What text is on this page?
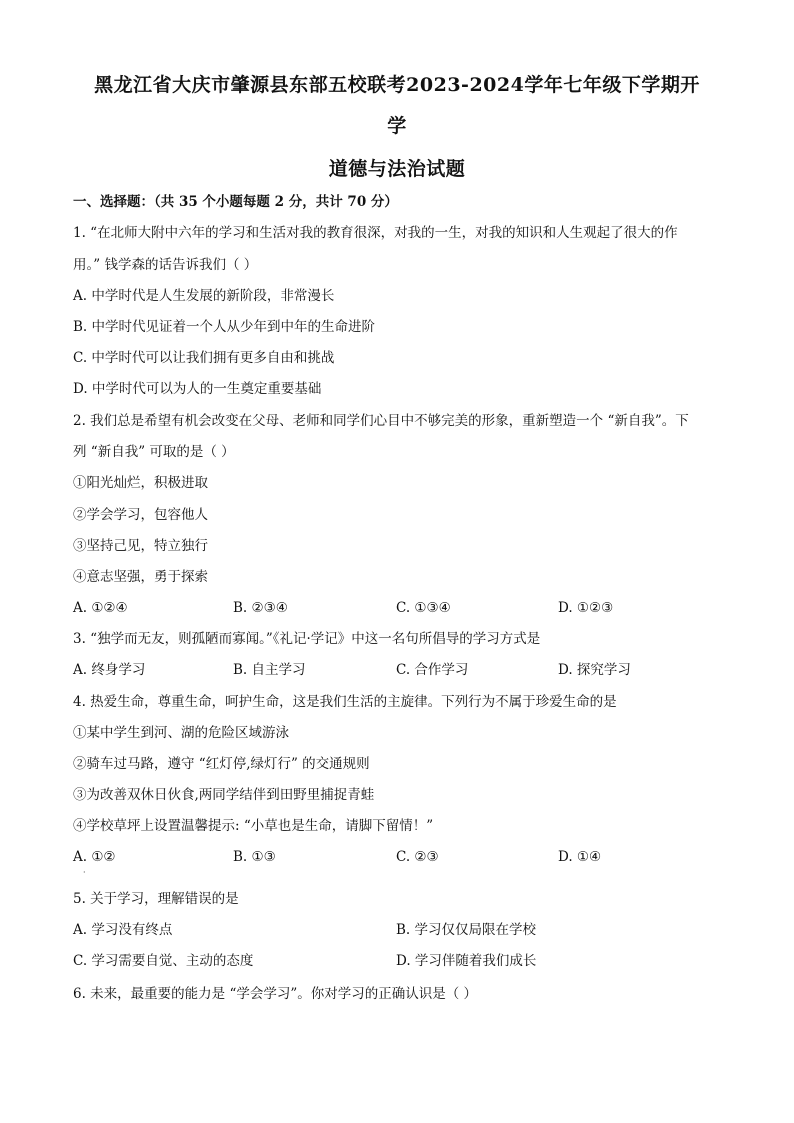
黑龙江省大庆市肇源县东部五校联考2023-2024学年七年级下学期开
学
道德与法治试题
一、选择题：（共 35 个小题每题 2 分，共计 70 分）
1. “在北师大附中六年的学习和生活对我的教育很深，对我的一生，对我的知识和人生观起了很大的作
用。” 钱学森的话告诉我们（ ）
A. 中学时代是人生发展的新阶段，非常漫长
B. 中学时代见证着一个人从少年到中年的生命进阶
C. 中学时代可以让我们拥有更多自由和挑战
D. 中学时代可以为人的一生奠定重要基础
2. 我们总是希望有机会改变在父母、老师和同学们心目中不够完美的形象，重新塑造一个 “新自我”。下
列 “新自我” 可取的是（ ）
①阳光灿烂，积极进取
②学会学习，包容他人
③坚持己见，特立独行
④意志坚强，勇于探索
A. ①②④	B. ②③④	C. ①③④	D. ①②③
3. “独学而无友，则孤陋而寡闻。”《礼记·学记》中这一名句所倡导的学习方式是
A. 终身学习	B. 自主学习	C. 合作学习	D. 探究学习
4. 热爱生命，尊重生命，呵护生命，这是我们生活的主旋律。下列行为不属于珍爱生命的是
①某中学生到河、湖的危险区域游泳
②骑车过马路，遵守 “红灯停,绿灯行” 的交通规则
③为改善双休日伙食,两同学结伴到田野里捕捉青蛙
④学校草坪上设置温馨提示: “小草也是生命，请脚下留情！”
A. ①②	B. ①③	C. ②③	D. ①④
·
5. 关于学习，理解错误的是
A. 学习没有终点	B. 学习仅仅局限在学校
C. 学习需要自觉、主动的态度	D. 学习伴随着我们成长
6. 未来，最重要的能力是 “学会学习”。你对学习的正确认识是（ ）
